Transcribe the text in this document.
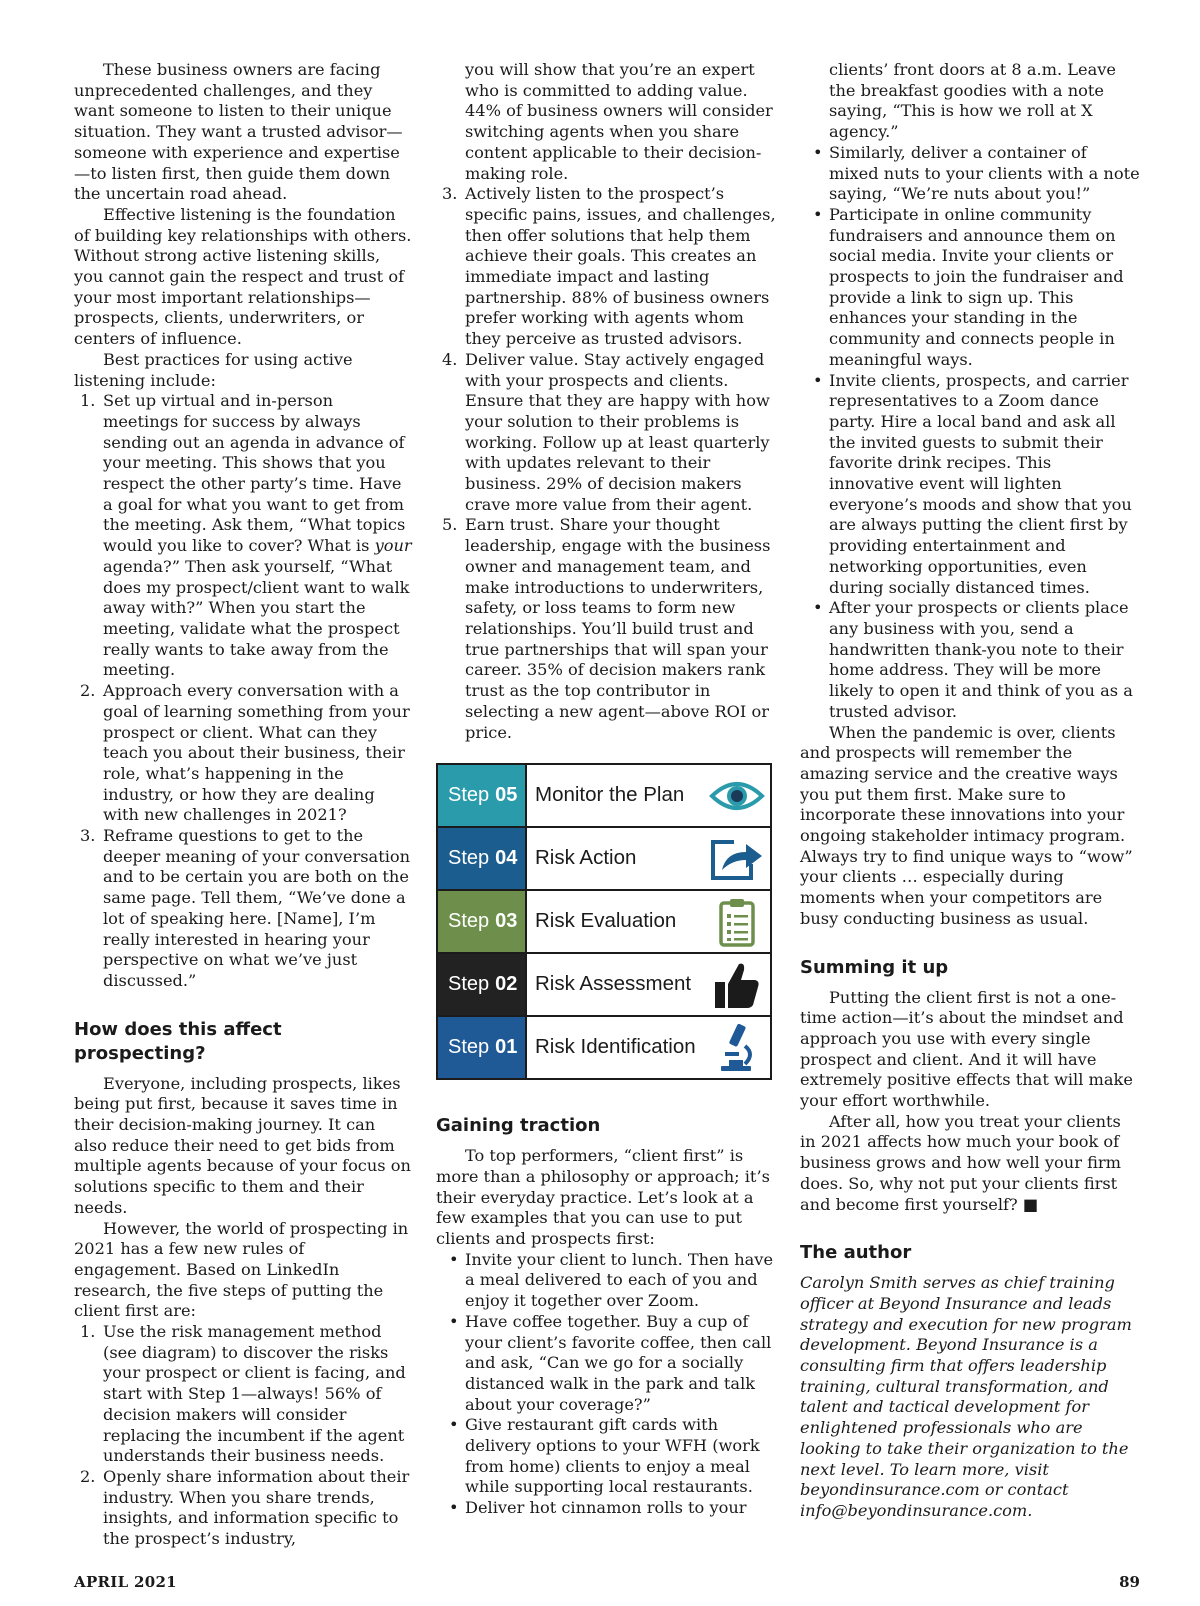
These business owners are facing unprecedented challenges, and they want someone to listen to their unique situation. They want a trusted advisor—someone with experience and expertise—to listen first, then guide them down the uncertain road ahead.

Effective listening is the foundation of building key relationships with others. Without strong active listening skills, you cannot gain the respect and trust of your most important relationships—prospects, clients, underwriters, or centers of influence.

Best practices for using active listening include:

1. Set up virtual and in-person meetings for success by always sending out an agenda in advance of your meeting. This shows that you respect the other party’s time. Have a goal for what you want to get from the meeting. Ask them, “What topics would you like to cover? What is your agenda?” Then ask yourself, “What does my prospect/client want to walk away with?” When you start the meeting, validate what the prospect really wants to take away from the meeting.
2. Approach every conversation with a goal of learning something from your prospect or client. What can they teach you about their business, their role, what’s happening in the industry, or how they are dealing with new challenges in 2021?
3. Reframe questions to get to the deeper meaning of your conversation and to be certain you are both on the same page. Tell them, “We’ve done a lot of speaking here. [Name], I’m really interested in hearing your perspective on what we’ve just discussed.”
How does this affect prospecting?

Everyone, including prospects, likes being put first, because it saves time in their decision-making journey. It can also reduce their need to get bids from multiple agents because of your focus on solutions specific to them and their needs.

However, the world of prospecting in 2021 has a few new rules of engagement. Based on LinkedIn research, the five steps of putting the client first are:

1. Use the risk management method (see diagram) to discover the risks your prospect or client is facing, and start with Step 1—always! 56% of decision makers will consider replacing the incumbent if the agent understands their business needs.
2. Openly share information about their industry. When you share trends, insights, and information specific to the prospect’s industry,
you will show that you’re an expert who is committed to adding value. 44% of business owners will consider switching agents when you share content applicable to their decision-making role.
3. Actively listen to the prospect’s specific pains, issues, and challenges, then offer solutions that help them achieve their goals. This creates an immediate impact and lasting partnership. 88% of business owners prefer working with agents whom they perceive as trusted advisors.
4. Deliver value. Stay actively engaged with your prospects and clients. Ensure that they are happy with how your solution to their problems is working. Follow up at least quarterly with updates relevant to their business. 29% of decision makers crave more value from their agent.
5. Earn trust. Share your thought leadership, engage with the business owner and management team, and make introductions to underwriters, safety, or loss teams to form new relationships. You’ll build trust and true partnerships that will span your career. 35% of decision makers rank trust as the top contributor in selecting a new agent—above ROI or price.
Step 05 Monitor the Plan
Step 04 Risk Action
Step 03 Risk Evaluation
Step 02 Risk Assessment
Step 01 Risk Identification
Gaining traction

To top performers, “client first” is more than a philosophy or approach; it’s their everyday practice. Let’s look at a few examples that you can use to put clients and prospects first:

• Invite your client to lunch. Then have a meal delivered to each of you and enjoy it together over Zoom.
• Have coffee together. Buy a cup of your client’s favorite coffee, then call and ask, “Can we go for a socially distanced walk in the park and talk about your coverage?”
• Give restaurant gift cards with delivery options to your WFH (work from home) clients to enjoy a meal while supporting local restaurants.
• Deliver hot cinnamon rolls to your
clients’ front doors at 8 a.m. Leave the breakfast goodies with a note saying, “This is how we roll at X agency.”
• Similarly, deliver a container of mixed nuts to your clients with a note saying, “We’re nuts about you!”
• Participate in online community fundraisers and announce them on social media. Invite your clients or prospects to join the fundraiser and provide a link to sign up. This enhances your standing in the community and connects people in meaningful ways.
• Invite clients, prospects, and carrier representatives to a Zoom dance party. Hire a local band and ask all the invited guests to submit their favorite drink recipes. This innovative event will lighten everyone’s moods and show that you are always putting the client first by providing entertainment and networking opportunities, even during socially distanced times.
• After your prospects or clients place any business with you, send a handwritten thank-you note to their home address. They will be more likely to open it and think of you as a trusted advisor.

When the pandemic is over, clients and prospects will remember the amazing service and the creative ways you put them first. Make sure to incorporate these innovations into your ongoing stakeholder intimacy program. Always try to find unique ways to “wow” your clients … especially during moments when your competitors are busy conducting business as usual.

Summing it up

Putting the client first is not a one-time action—it’s about the mindset and approach you use with every single prospect and client. And it will have extremely positive effects that will make your effort worthwhile.

After all, how you treat your clients in 2021 affects how much your book of business grows and how well your firm does. So, why not put your clients first and become first yourself? ■

The author

Carolyn Smith serves as chief training officer at Beyond Insurance and leads strategy and execution for new program development. Beyond Insurance is a consulting firm that offers leadership training, cultural transformation, and talent and tactical development for enlightened professionals who are looking to take their organization to the next level. To learn more, visit beyondinsurance.com or contact info@beyondinsurance.com.

APRIL 2021	89
